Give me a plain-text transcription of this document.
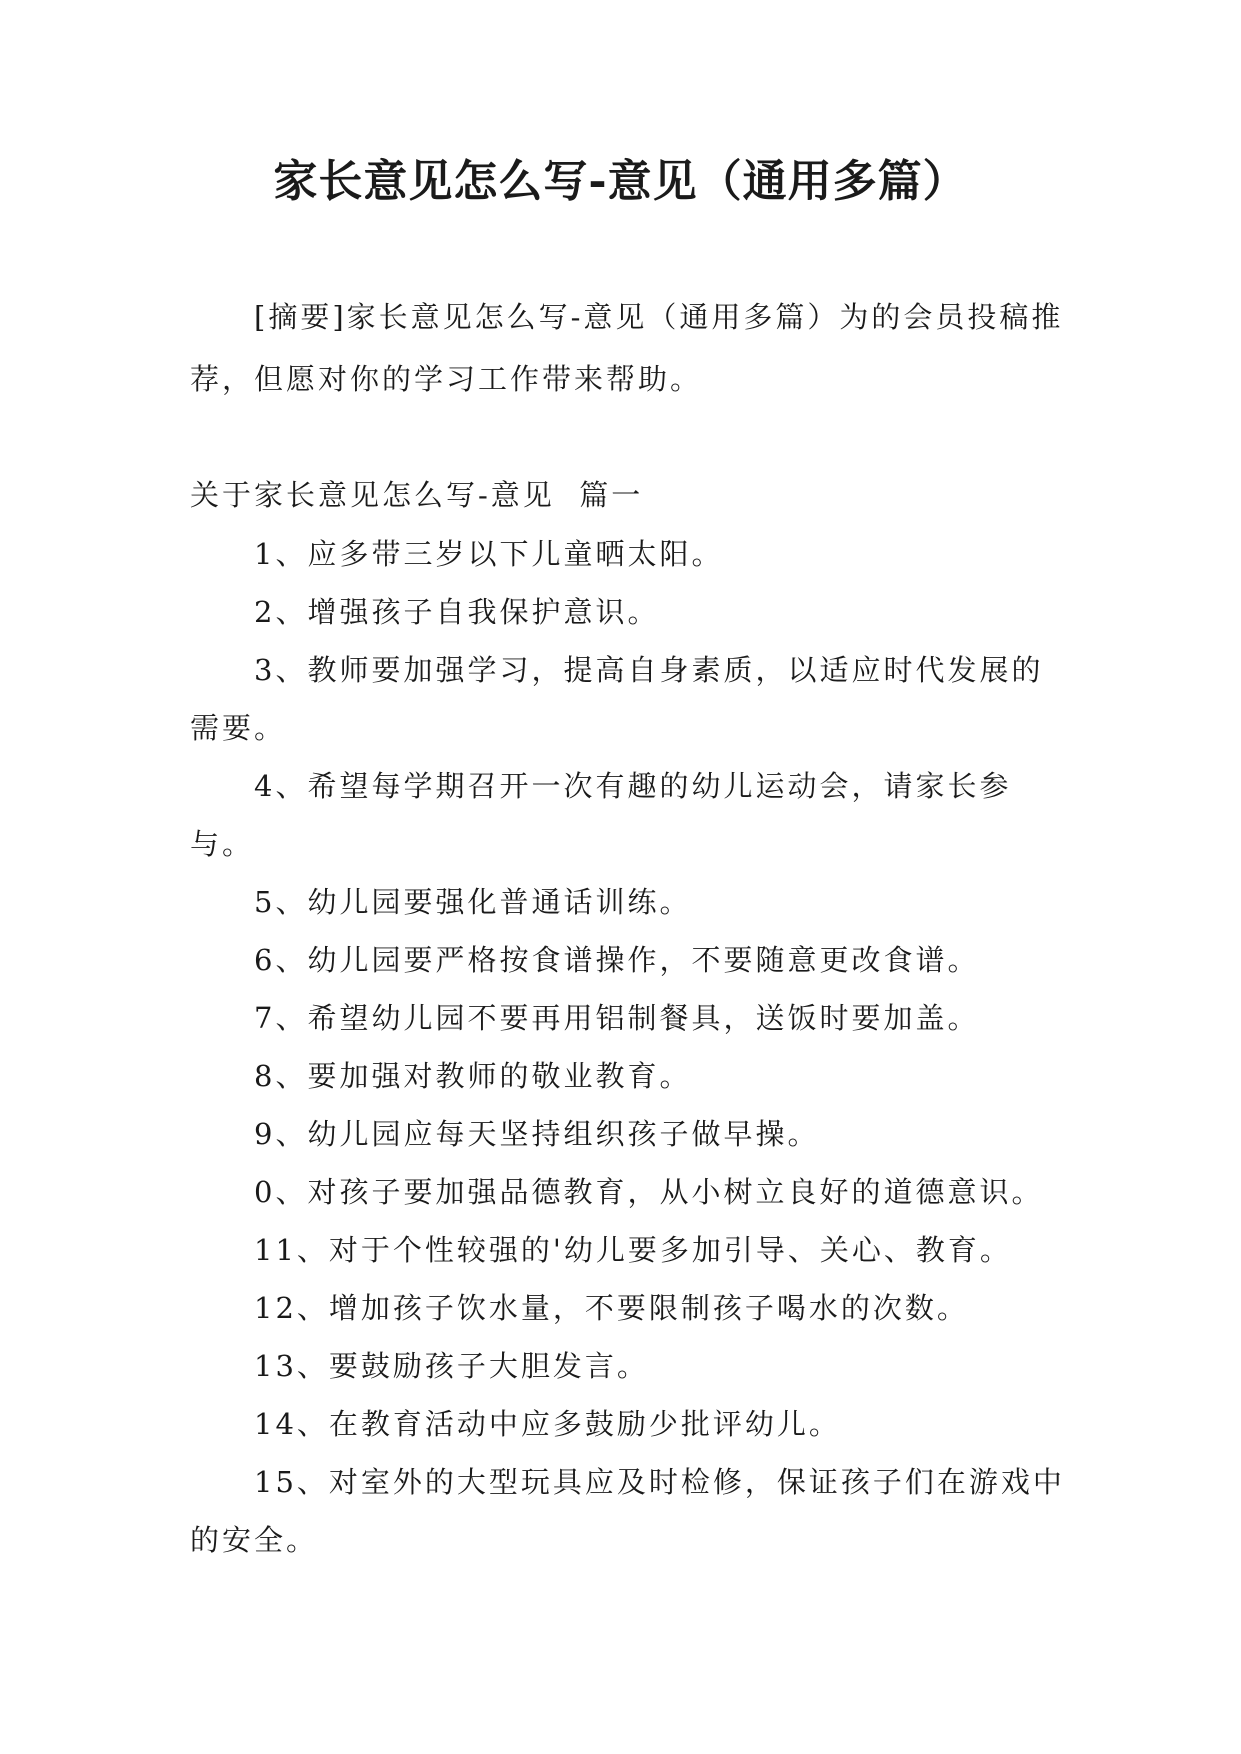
家长意见怎么写-意见（通用多篇）

[摘要]家长意见怎么写-意见（通用多篇）为的会员投稿推荐，但愿对你的学习工作带来帮助。

关于家长意见怎么写-意见  篇一

1、应多带三岁以下儿童晒太阳。

2、增强孩子自我保护意识。

3、教师要加强学习，提高自身素质，以适应时代发展的需要。

4、希望每学期召开一次有趣的幼儿运动会，请家长参与。

5、幼儿园要强化普通话训练。

6、幼儿园要严格按食谱操作，不要随意更改食谱。

7、希望幼儿园不要再用铝制餐具，送饭时要加盖。

8、要加强对教师的敬业教育。

9、幼儿园应每天坚持组织孩子做早操。

0、对孩子要加强品德教育，从小树立良好的道德意识。

11、对于个性较强的'幼儿要多加引导、关心、教育。

12、增加孩子饮水量，不要限制孩子喝水的次数。

13、要鼓励孩子大胆发言。

14、在教育活动中应多鼓励少批评幼儿。

15、对室外的大型玩具应及时检修，保证孩子们在游戏中的安全。
